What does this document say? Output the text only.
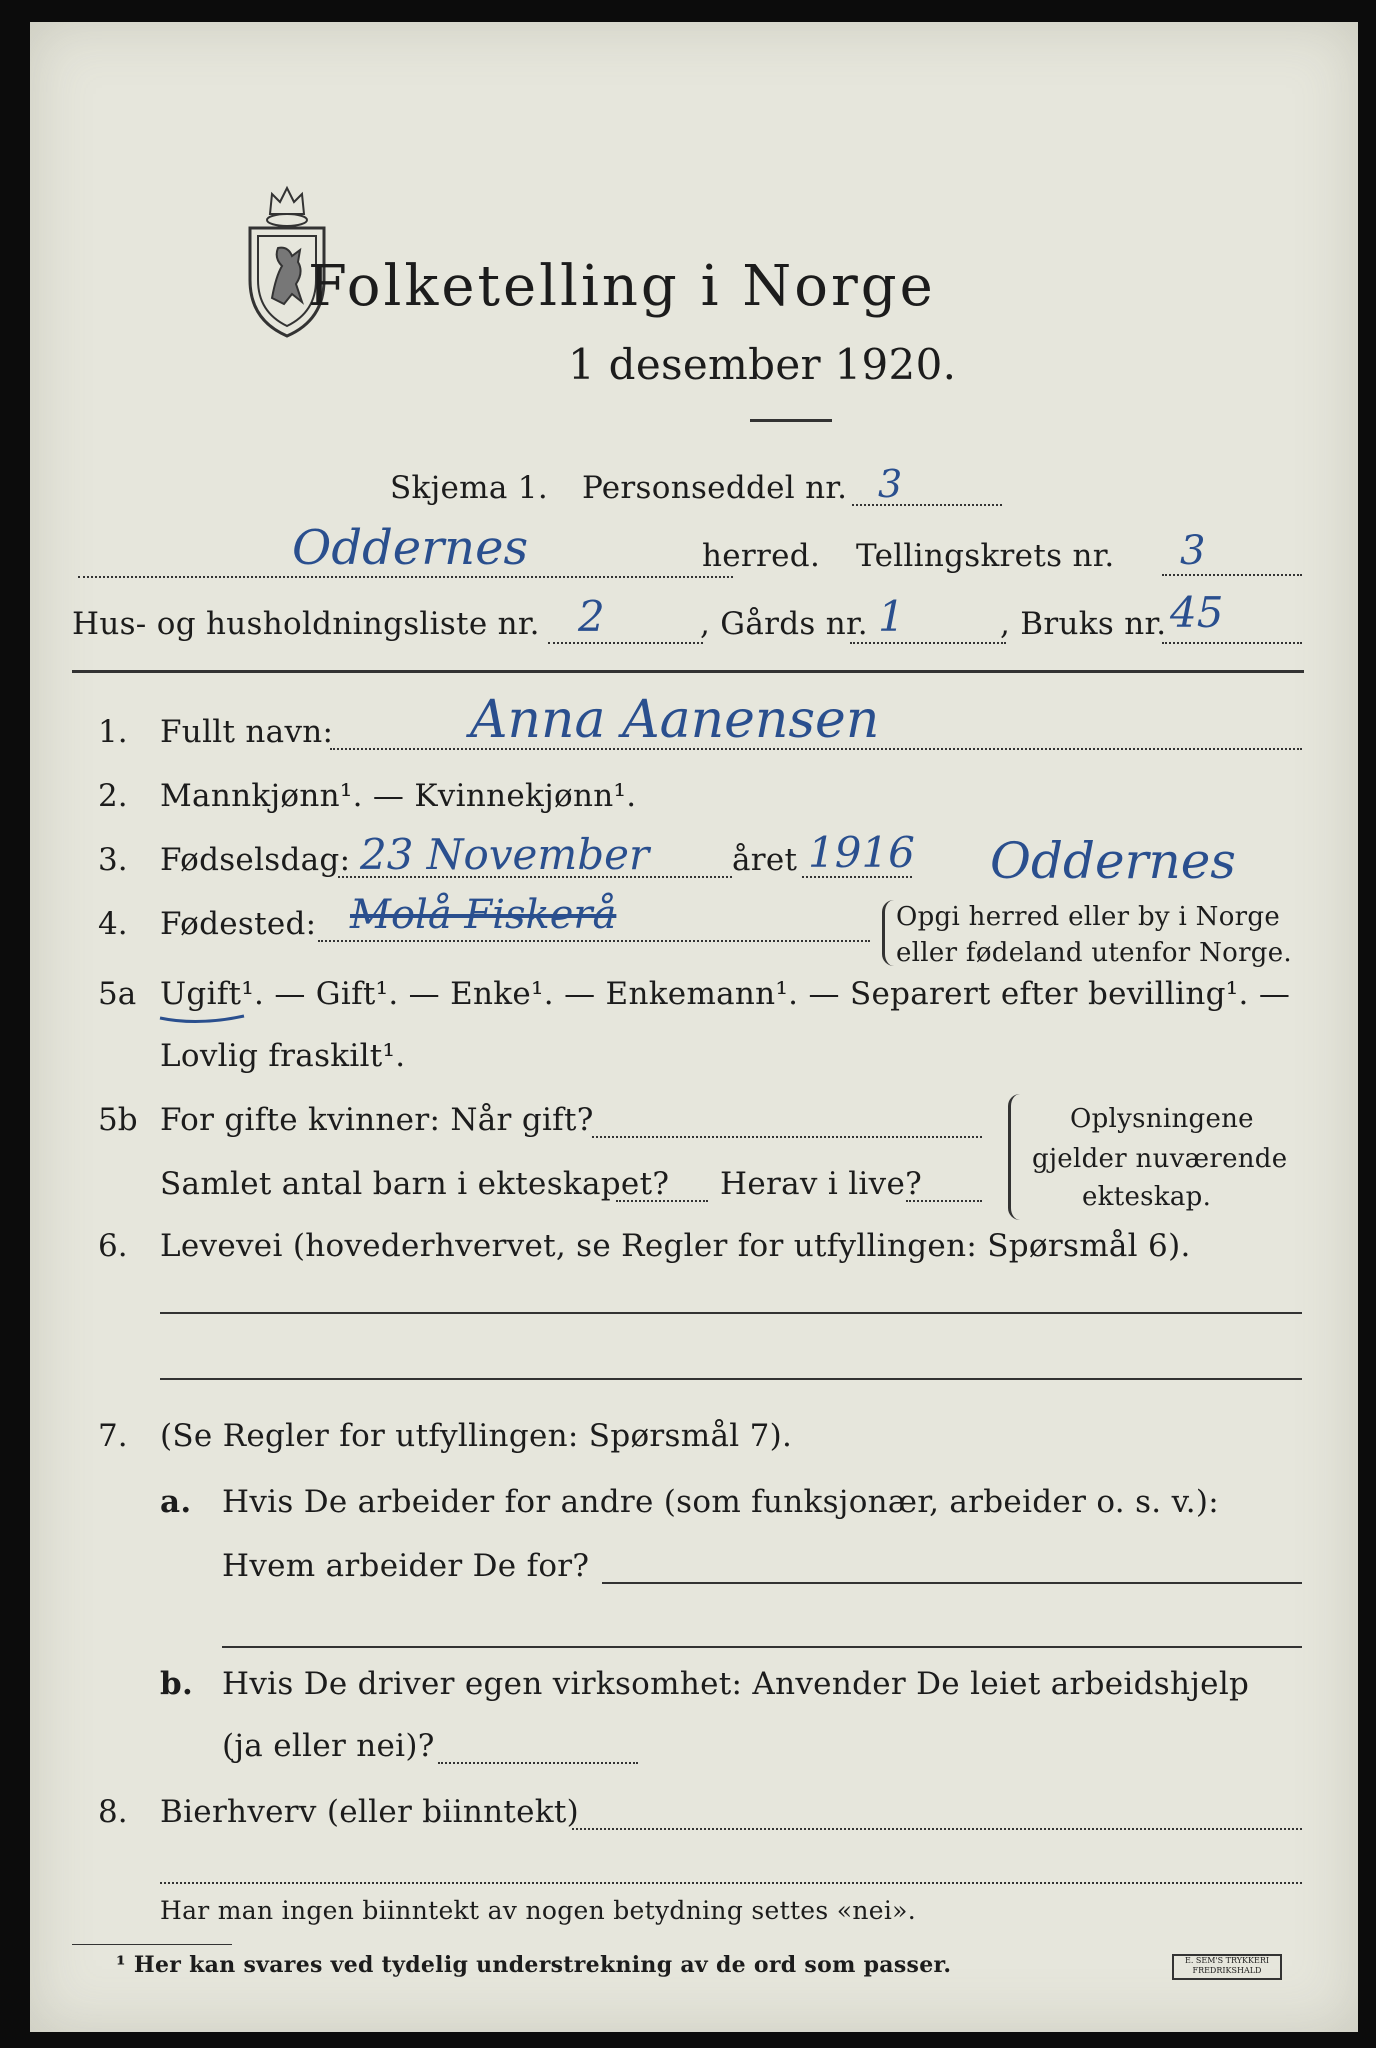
Folketelling i Norge
1 desember 1920.
Skjema 1. Personseddel nr. 3
Oddernes	herred. Tellingskrets nr. 3
Hus- og husholdningsliste nr. 2	, Gårds nr. 1	, Bruks nr. 45
1. Fullt navn:	Anna Aanensen
2. Mannkjønn¹. — Kvinnekjønn¹.
3. Fødselsdag: 23 November	året 1916
4. Fødested: Molå Fiskerå
Oddernes
Opgi herred eller by i Norge
eller fødeland utenfor Norge.
5a Ugift¹. — Gift¹. — Enke¹. — Enkemann¹. — Separert efter bevilling¹. —
Lovlig fraskilt¹.
5b For gifte kvinner: Når gift?
Samlet antal barn i ekteskapet? Herav i live?
Oplysningene
gjelder nuværende
ekteskap.
6. Levevei (hovederhvervet, se Regler for utfyllingen: Spørsmål 6).
7. (Se Regler for utfyllingen: Spørsmål 7).
a. Hvis De arbeider for andre (som funksjonær, arbeider o. s. v.):
Hvem arbeider De for?
b. Hvis De driver egen virksomhet: Anvender De leiet arbeidshjelp
(ja eller nei)?
8. Bierhverv (eller biinntekt)
Har man ingen biinntekt av nogen betydning settes «nei».
¹ Her kan svares ved tydelig understrekning av de ord som passer.	E. SEM'S TRYKKERI FREDRIKSHALD
